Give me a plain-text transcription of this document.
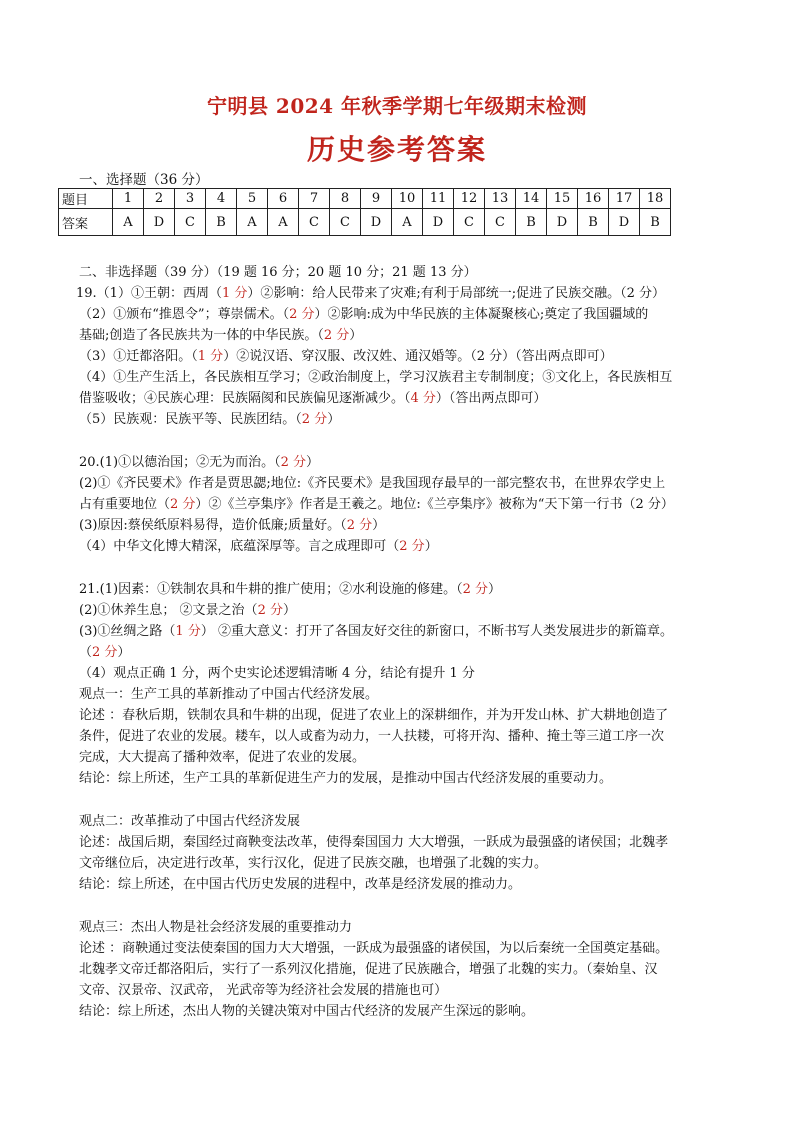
宁明县 2024 年秋季学期七年级期末检测
历史参考答案
一、选择题（36 分）
题目	1	2	3	4	5	6	7	8	9	10	11	12	13	14	15	16	17	18
答案	A	D	C	B	A	A	C	C	D	A	D	C	C	B	D	B	D	B
二、非选择题（39 分）（19 题 16 分；20 题 10 分；21 题 13 分）
19.（1）①王朝：西周（1 分）②影响：给人民带来了灾难;有利于局部统一;促进了民族交融。（2 分）
（2）①颁布“推恩令”；尊崇儒术。（2 分）②影响:成为中华民族的主体凝聚核心;奠定了我国疆域的
基础;创造了各民族共为一体的中华民族。（2 分）
（3）①迁都洛阳。（1 分）②说汉语、穿汉服、改汉姓、通汉婚等。（2 分）（答出两点即可）
（4）①生产生活上，各民族相互学习；②政治制度上，学习汉族君主专制制度；③文化上，各民族相互
借鉴吸收；④民族心理：民族隔阂和民族偏见逐渐减少。（4 分）（答出两点即可）
（5）民族观：民族平等、民族团结。（2 分）
20.(1)①以德治国；②无为而治。（2 分）
(2)①《齐民要术》作者是贾思勰;地位:《齐民要术》是我国现存最早的一部完整农书，在世界农学史上
占有重要地位（2 分）②《兰亭集序》作者是王羲之。地位:《兰亭集序》被称为“天下第一行书（2 分）
(3)原因:蔡侯纸原料易得，造价低廉;质量好。（2 分）
（4）中华文化博大精深，底蕴深厚等。言之成理即可（2 分）
21.(1)因素：①铁制农具和牛耕的推广使用；②水利设施的修建。（2 分）
(2)①休养生息； ②文景之治（2 分）
(3)①丝绸之路（1 分） ②重大意义：打开了各国友好交往的新窗口，不断书写人类发展进步的新篇章。
（2 分）
（4）观点正确 1 分，两个史实论述逻辑清晰 4 分，结论有提升 1 分
观点一：生产工具的革新推动了中国古代经济发展。
论述 ：春秋后期，铁制农具和牛耕的出现，促进了农业上的深耕细作，并为开发山林、扩大耕地创造了
条件，促进了农业的发展。耧车，以人或畜为动力，一人扶耧，可将开沟、播种、掩土等三道工序一次
完成，大大提高了播种效率，促进了农业的发展。
结论：综上所述，生产工具的革新促进生产力的发展，是推动中国古代经济发展的重要动力。
观点二：改革推动了中国古代经济发展
论述：战国后期，秦国经过商鞅变法改革，使得秦国国力 大大增强，一跃成为最强盛的诸侯国；北魏孝
文帝继位后，决定进行改革，实行汉化，促进了民族交融，也增强了北魏的实力。
结论：综上所述，在中国古代历史发展的进程中，改革是经济发展的推动力。
观点三：杰出人物是社会经济发展的重要推动力
论述 ：商鞅通过变法使秦国的国力大大增强，一跃成为最强盛的诸侯国，为以后秦统一全国奠定基础。
北魏孝文帝迁都洛阳后，实行了一系列汉化措施，促进了民族融合，增强了北魏的实力。（秦始皇、汉
文帝、汉景帝、汉武帝， 光武帝等为经济社会发展的措施也可）
结论：综上所述，杰出人物的关键决策对中国古代经济的发展产生深远的影响。
